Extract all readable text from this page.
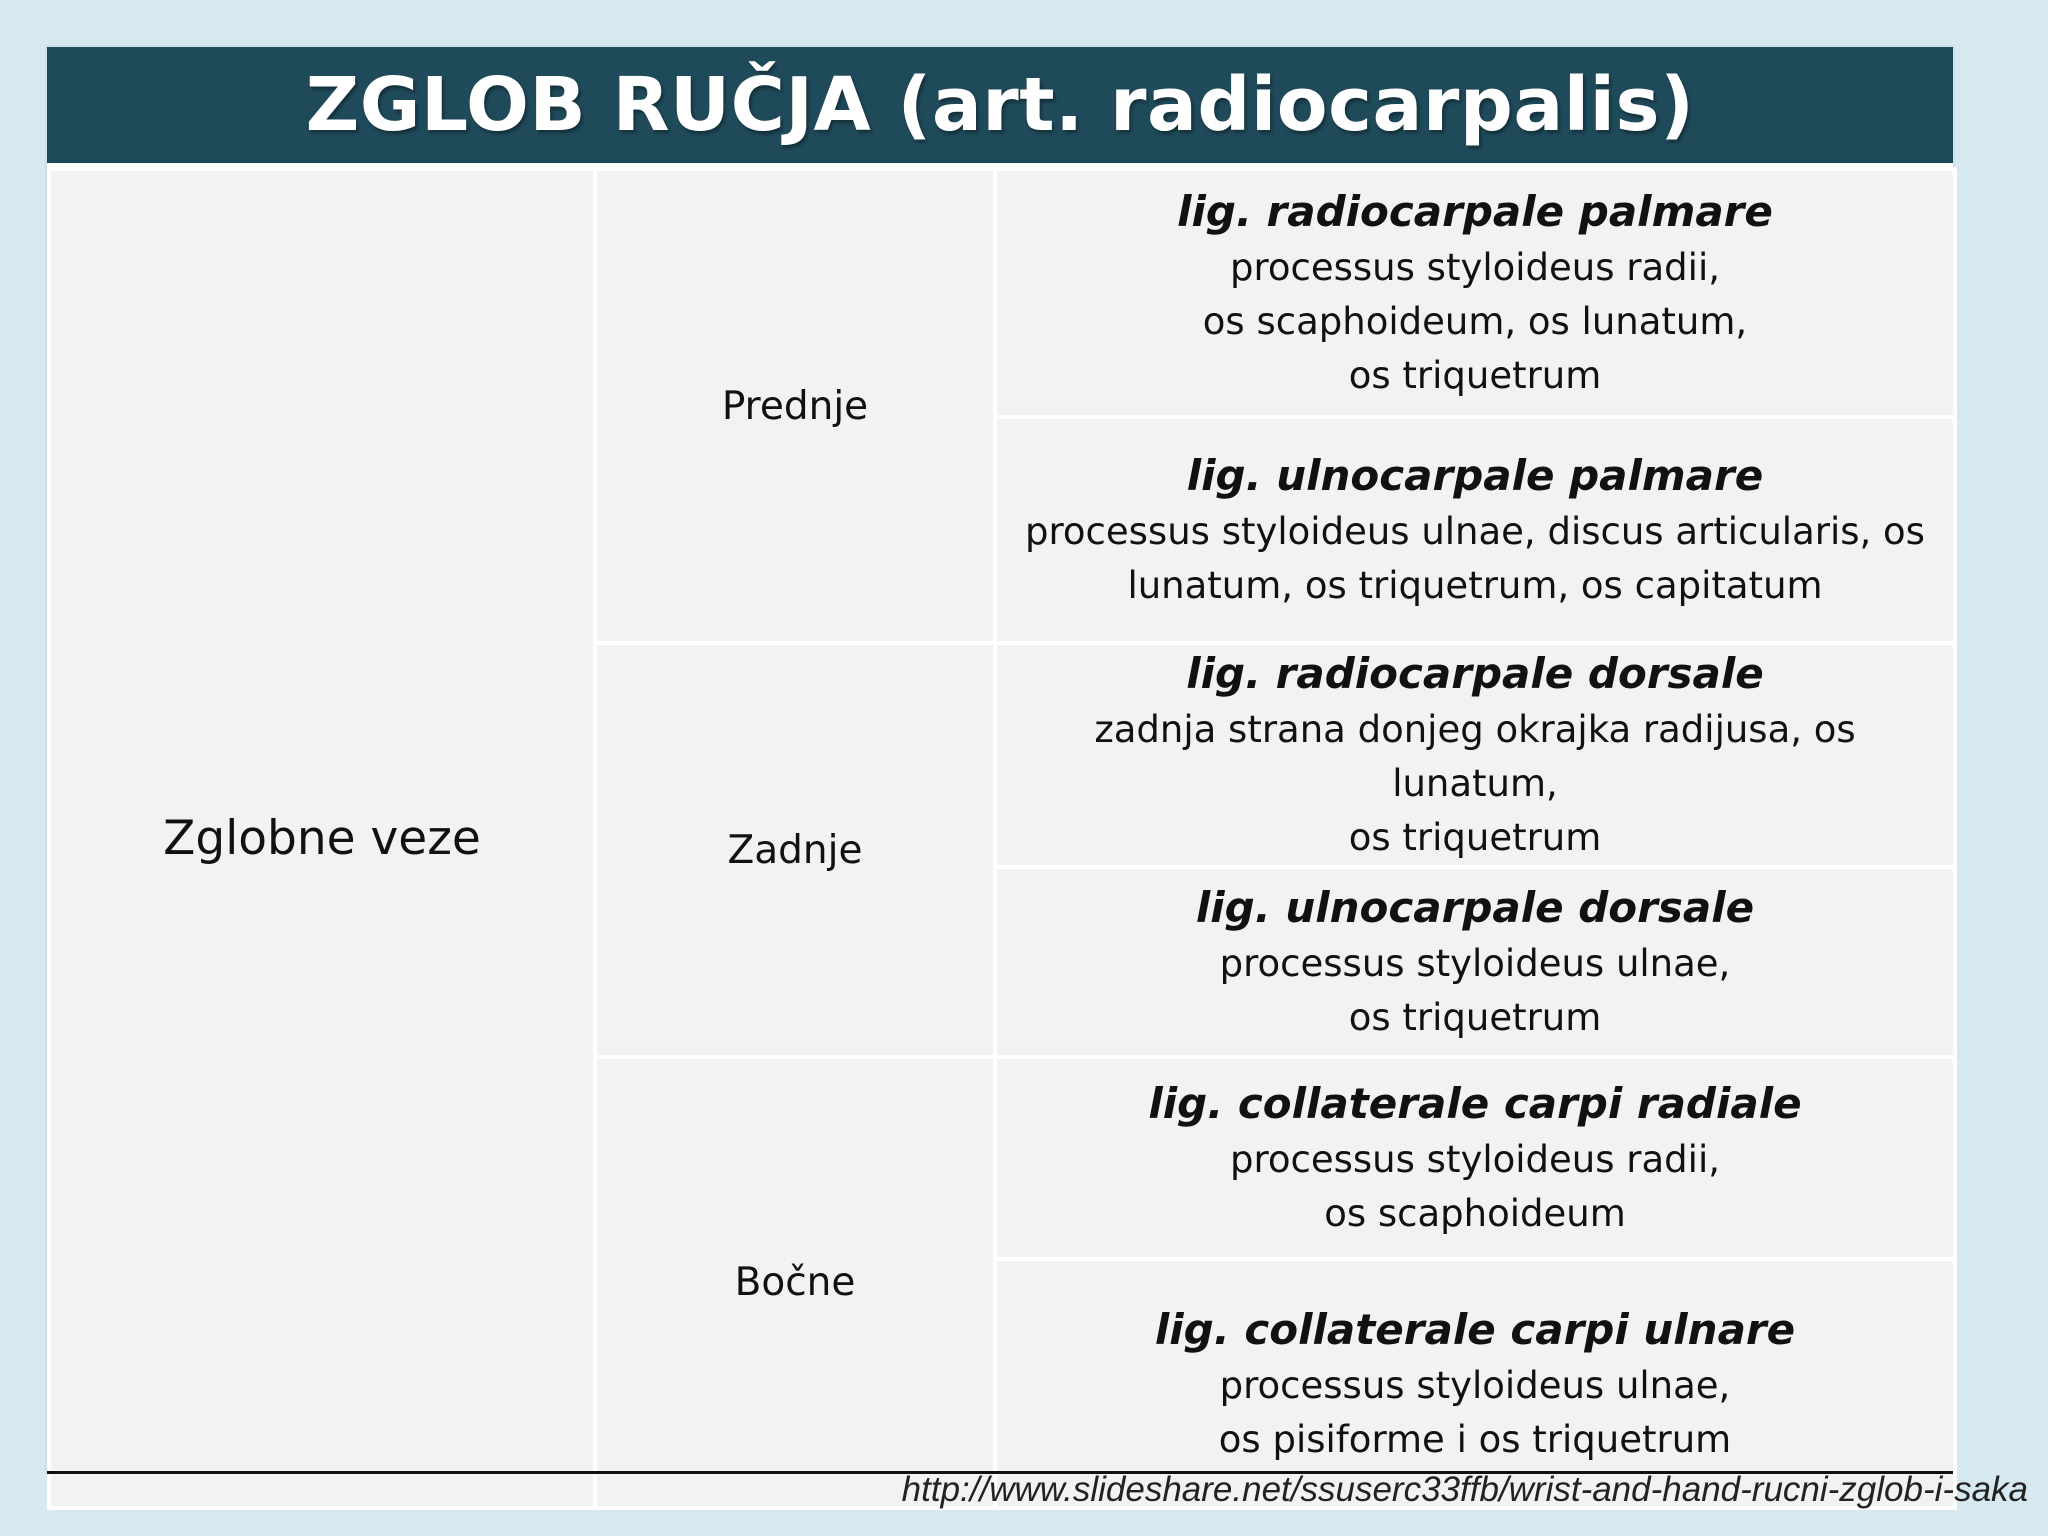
ZGLOB RUČJA (art. radiocarpalis)
Zglobne veze	Prednje	lig. radiocarpale palmare
processus styloideus radii,
os scaphoideum, os lunatum,
os triquetrum

		lig. ulnocarpale palmare
processus styloideus ulnae, discus articularis, os
lunatum, os triquetrum, os capitatum

	Zadnje	lig. radiocarpale dorsale
zadnja strana donjeg okrajka radijusa, os lunatum,
os triquetrum

		lig. ulnocarpale dorsale
processus styloideus ulnae,
os triquetrum

	Bočne	lig. collaterale carpi radiale
processus styloideus radii,
os scaphoideum

		lig. collaterale carpi ulnare
processus styloideus ulnae,
os pisiforme i os triquetrum
http://www.slideshare.net/ssuserc33ffb/wrist-and-hand-rucni-zglob-i-saka
